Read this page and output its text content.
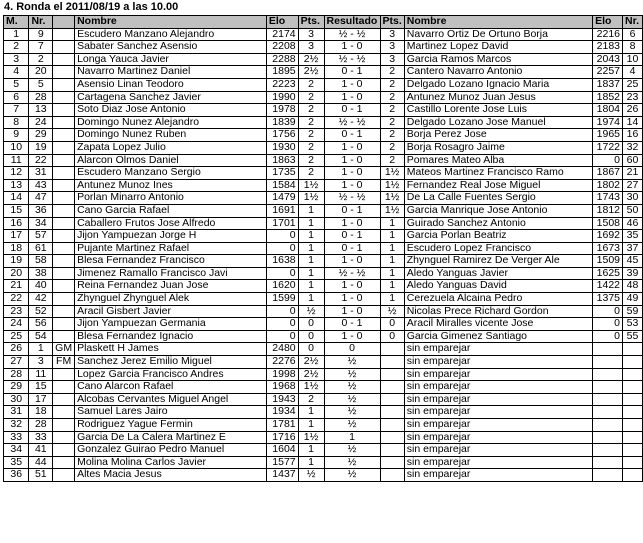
4. Ronda el 2011/08/19 a las 10.00
M.	Nr.		Nombre	Elo	Pts.	Resultado	Pts.	Nombre	Elo	Nr.
1	9		Escudero Manzano Alejandro	2174	3	½ - ½	3	Navarro Ortiz De Ortuno Borja	2216	6
2	7		Sabater Sanchez Asensio	2208	3	1 - 0	3	Martinez Lopez David	2183	8
3	2		Longa Yauca Javier	2288	2½	½ - ½	3	Garcia Ramos Marcos	2043	10
4	20		Navarro Martinez Daniel	1895	2½	0 - 1	2	Cantero Navarro Antonio	2257	4
5	5		Asensio Linan Teodoro	2223	2	1 - 0	2	Delgado Lozano Ignacio Maria	1837	25
6	28		Cartagena Sanchez Javier	1990	2	1 - 0	2	Antunez Munoz Juan Jesus	1852	23
7	13		Soto Diaz Jose Antonio	1978	2	0 - 1	2	Castillo Lorente Jose Luis	1804	26
8	24		Domingo Nunez Alejandro	1839	2	½ - ½	2	Delgado Lozano Jose Manuel	1974	14
9	29		Domingo Nunez Ruben	1756	2	0 - 1	2	Borja Perez Jose	1965	16
10	19		Zapata Lopez Julio	1930	2	1 - 0	2	Borja Rosagro Jaime	1722	32
11	22		Alarcon Olmos Daniel	1863	2	1 - 0	2	Pomares Mateo Alba	0	60
12	31		Escudero Manzano Sergio	1735	2	1 - 0	1½	Mateos Martinez Francisco Ramo	1867	21
13	43		Antunez Munoz Ines	1584	1½	1 - 0	1½	Fernandez Real Jose Miguel	1802	27
14	47		Porlan Minarro Antonio	1479	1½	½ - ½	1½	De La Calle Fuentes Sergio	1743	30
15	36		Cano Garcia Rafael	1691	1	0 - 1	1½	Garcia Manrique Jose Antonio	1812	50
16	34		Caballero Frutos Jose Alfredo	1701	1	1 - 0	1	Guirado Sanchez Antonio	1508	46
17	57		Jijon Yampuezan Jorge H	0	1	0 - 1	1	Garcia Porlan Beatriz	1692	35
18	61		Pujante Martinez Rafael	0	1	0 - 1	1	Escudero Lopez Francisco	1673	37
19	58		Blesa Fernandez Francisco	1638	1	1 - 0	1	Zhynguel Ramirez De Verger Ale	1509	45
20	38		Jimenez Ramallo Francisco Javi	0	1	½ - ½	1	Aledo Yanguas Javier	1625	39
21	40		Reina Fernandez Juan Jose	1620	1	1 - 0	1	Aledo Yanguas David	1422	48
22	42		Zhynguel Zhynguel Alek	1599	1	1 - 0	1	Cerezuela Alcaina Pedro	1375	49
23	52		Aracil Gisbert Javier	0	½	1 - 0	½	Nicolas Prece Richard Gordon	0	59
24	56		Jijon Yampuezan Germania	0	0	0 - 1	0	Aracil Miralles vicente Jose	0	53
25	54		Blesa Fernandez Ignacio	0	0	1 - 0	0	Garcia Gimenez Santiago	0	55
26	1	GM	Plaskett H James	2480	0	0		sin emparejar		
27	3	FM	Sanchez Jerez Emilio Miguel	2276	2½	½		sin emparejar		
28	11		Lopez Garcia Francisco Andres	1998	2½	½		sin emparejar		
29	15		Cano Alarcon Rafael	1968	1½	½		sin emparejar		
30	17		Alcobas Cervantes Miguel Angel	1943	2	½		sin emparejar		
31	18		Samuel Lares Jairo	1934	1	½		sin emparejar		
32	28		Rodriguez Yague Fermin	1781	1	½		sin emparejar		
33	33		Garcia De La Calera Martinez E	1716	1½	1		sin emparejar		
34	41		Gonzalez Guirao Pedro Manuel	1604	1	½		sin emparejar		
35	44		Molina Molina Carlos Javier	1577	1	½		sin emparejar		
36	51		Altes Macia Jesus	1437	½	½		sin emparejar		
